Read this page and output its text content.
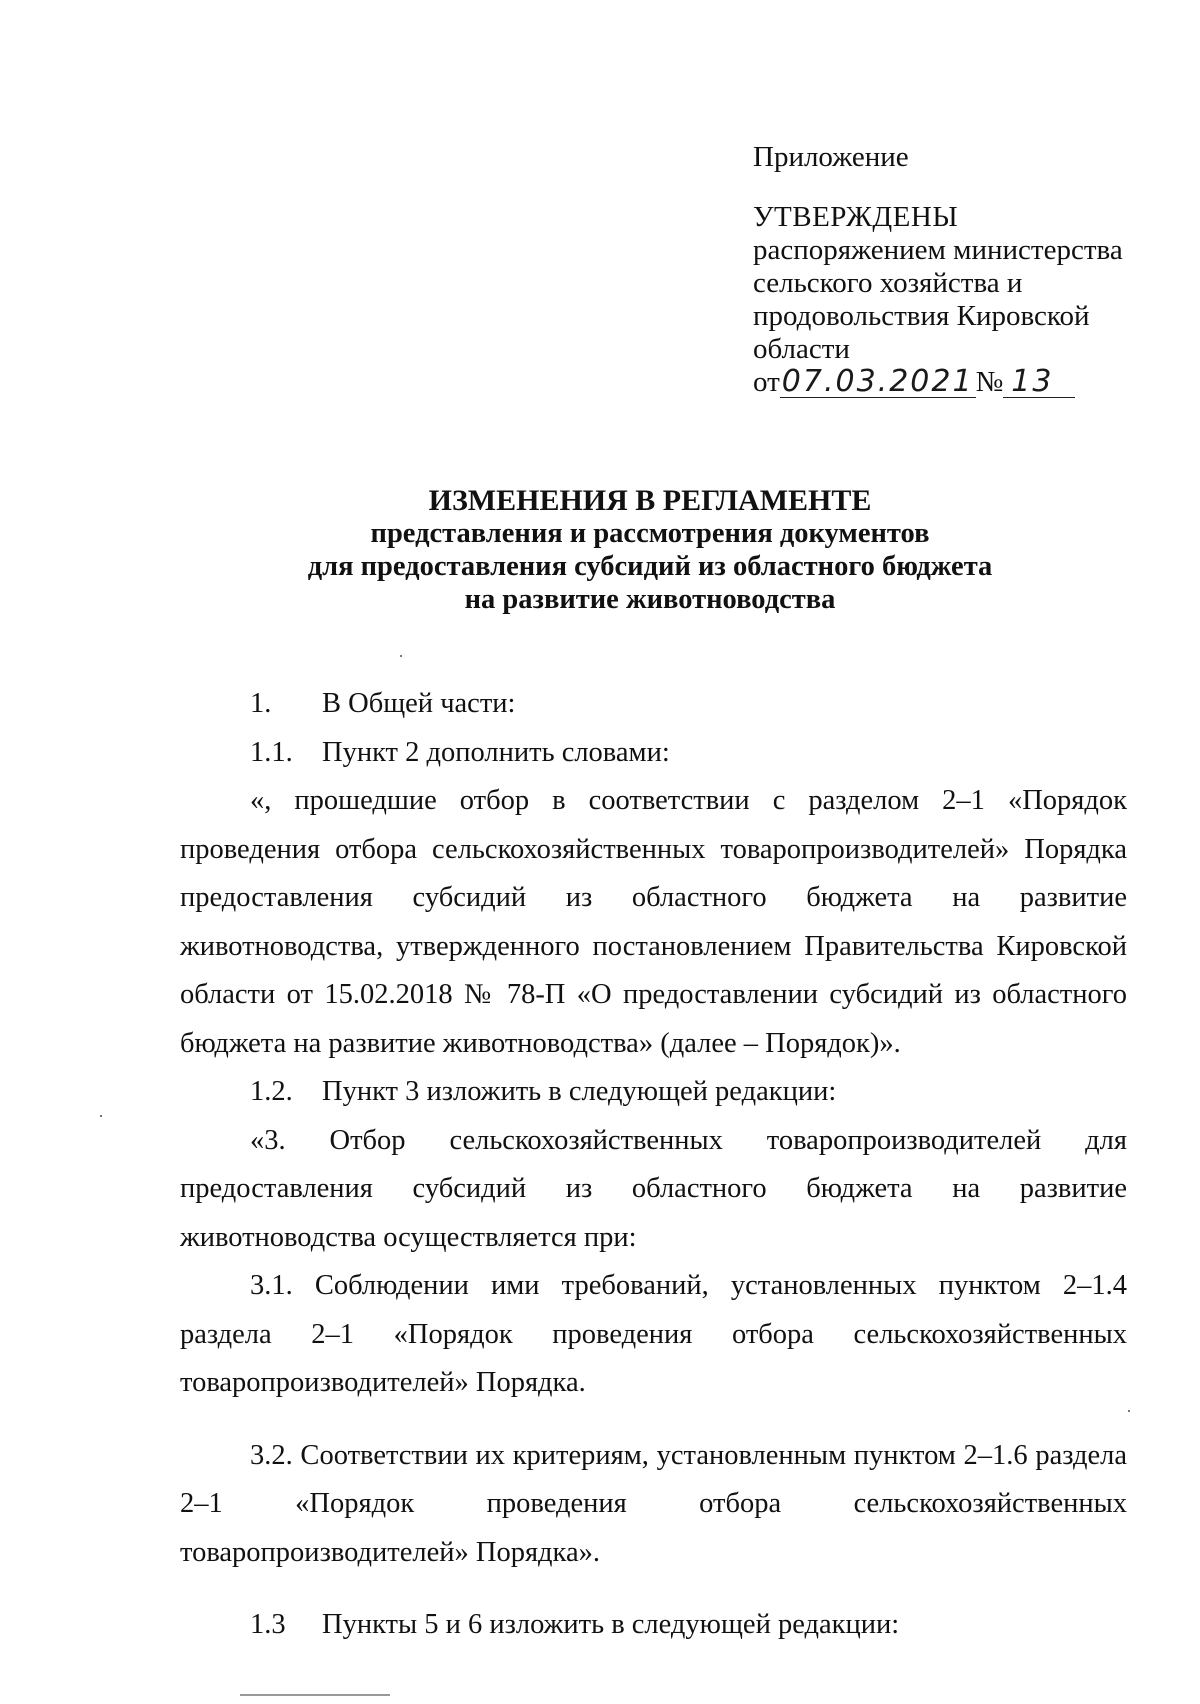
Приложение

УТВЕРЖДЕНЫ

распоряжением министерства

сельского хозяйства и

продовольствия Кировской

области

от07.03.2021№ 13

ИЗМЕНЕНИЯ В РЕГЛАМЕНТЕ
представления и рассмотрения документов
для предоставления субсидий из областного бюджета
на развитие животноводства

1. В Общей части:

1.1. Пункт 2 дополнить словами:

«, прошедшие отбор в соответствии с разделом 2–1 «Порядок проведения отбора сельскохозяйственных товаропроизводителей» Порядка предоставления субсидий из областного бюджета на развитие животноводства, утвержденного постановлением Правительства Кировской области от 15.02.2018 № 78-П «О предоставлении субсидий из областного бюджета на развитие животноводства» (далее – Порядок)».

1.2. Пункт 3 изложить в следующей редакции:

«3. Отбор сельскохозяйственных товаропроизводителей для предоставления субсидий из областного бюджета на развитие животноводства осуществляется при:

3.1. Соблюдении ими требований, установленных пунктом 2–1.4 раздела 2–1 «Порядок проведения отбора сельскохозяйственных товаропроизводителей» Порядка.

3.2. Соответствии их критериям, установленным пунктом 2–1.6 раздела 2–1 «Порядок проведения отбора сельскохозяйственных товаропроизводителей» Порядка».

1.3 Пункты 5 и 6 изложить в следующей редакции:
